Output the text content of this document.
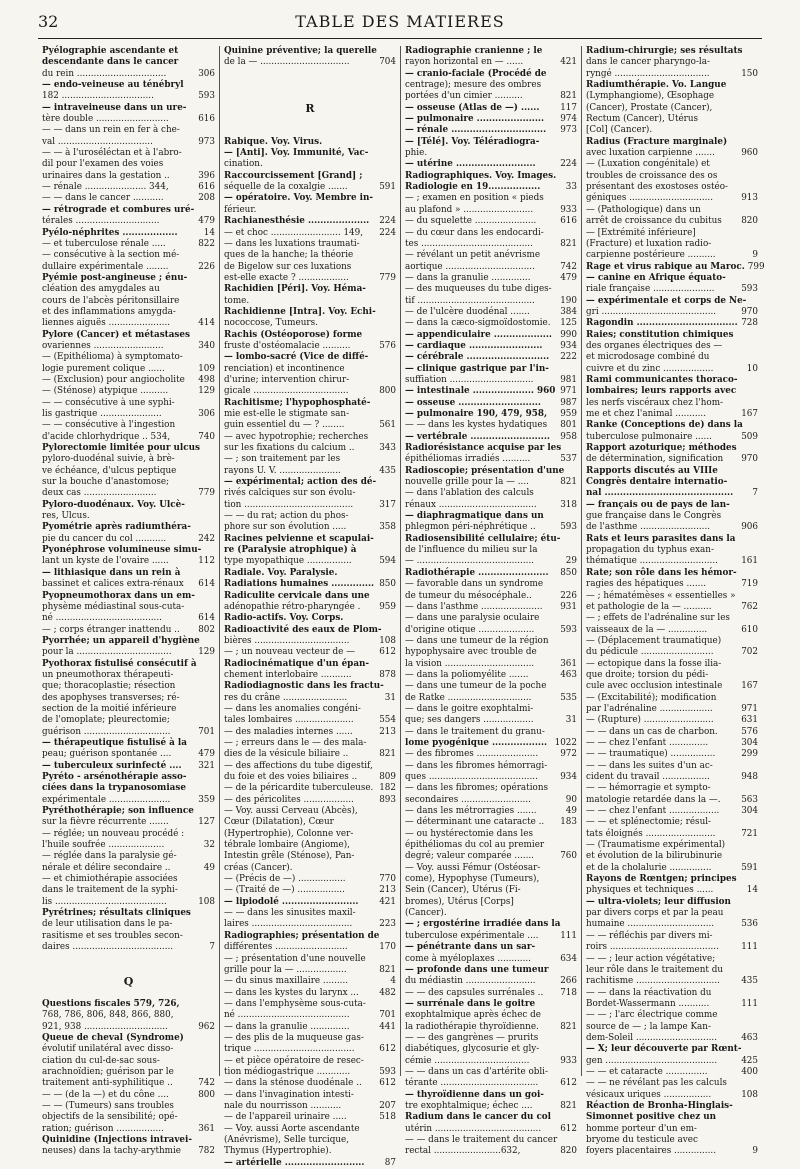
32	TABLE DES MATIERES
Pyélographie ascendante et
descendante dans le cancer
du rein ................................	306
— endo-veineuse au ténébryl
182 .................................	593
— intraveineuse dans un ure-
tère double ..........................	616
— — dans un rein en fer à che-
val ..................................	973
— — à l'uroséléctan et à l'abro-
dil pour l'examen des voies
urinaires dans la gestation ..	396
— rénale ...................... 344,	616
— — dans le cancer ...........	208
— rétrograde et combures uré-
térales ..............................	479
Pyélo-néphrites ..................	14
— et tuberculose rénale .....	822
— consécutive à la section mé-
dullaire expérimentale ........	226
Pyémie post-angineuse ; énu-
cléation des amygdales au
cours de l'abcès péritonsillaire
et des inflammations amygda-
liennes aiguës ......................	414
Pylore (Cancer) et métastases
ovariennes .........................	340
— (Epithélioma) à symptomato-
logie purement colique ......	109
— (Exclusion) pour angiocholite	498
— (Sténose) atypique ..........	129
— — consécutive à une syphi-
lis gastrique ......................	306
— — consécutive à l'ingestion
d'acide chlorhydrique .. 534,	740
Pylorectomie limitée pour ulcus
pyloro-duodénal suivie, à brè-
ve échéance, d'ulcus peptique
sur la bouche d'anastomose;
deux cas ..........................	779
Pyloro-duodénaux. Voy. Ulcè-
res, Ulcus.
Pyométrie après radiumthéra-
pie du cancer du col ...........	242
Pyonéphrose volumineuse simu-
lant un kyste de l'ovaire ......	112
— lithiasique dans un rein à
bassinet et calices extra-rénaux	614
Pyopneumothorax dans un em-
physème médiastinal sous-cuta-
né ......................................	614
— ; corps étranger inattendu ..	802
Pyorrhée; un appareil d'hygiène
pour la ..................................	129
Pyothorax fistulisé consécutif à
un pneumothorax thérapeuti-
que; thoracoplastie; résection
des apophyses transverses; ré-
section de la moitié inférieure
de l'omoplate; pleurectomie;
guérison ...............................	701
— thérapeutique fistulisé à la
peau; guérison spontanée ....	479
— tuberculeux surinfecté ....	321
Pyréto - arsénothérapie asso-
ciées dans la trypanosomiase
expérimentale ......................	359
Pyréthothérapie; son influence
sur la fièvre récurrente .......	127
— réglée; un nouveau procédé :
l'huile soufrée ....................	32
— réglée dans la paralysie gé-
nérale et délire secondaire ..	49
— et chimiothérapie associées
dans le traitement de la syphi-
lis ........................................	108
Pyrétrines; résultats cliniques
de leur utilisation dans le pa-
rasitisme et ses troubles secon-
daires ....................................	7
Q
Questions fiscales 579, 726,
768, 786, 806, 848, 866, 880,
921, 938 ..............................	962
Queue de cheval (Syndrome)
évolutif unilatéral avec disso-
ciation du cul-de-sac sous-
arachnoïdien; guérison par le
traitement anti-syphilitique ..	742
— — (de la —) et du cône ....	800
— — (Tumeurs) sans troubles
objectifs de la sensibilité; opé-
ration; guérison .................	361
Quinidine (Injections intravei-
neuses) dans la tachy-arythmie	782
Quinine préventive; la querelle
de la — ................................	704
R
Rabique. Voy. Virus.
— [Anti]. Voy. Immunité, Vac-
cination.
Raccourcissement [Grand] ;
séquelle de la coxalgie .......	591
— opératoire. Voy. Membre in-
férieur.
Rachianesthésie ....................	224
— et choc ......................... 149,	224
— dans les luxations traumati-
ques de la hanche; la théorie
de Bigelow sur ces luxations
est-elle exacte ? ..................	779
Rachidien [Péri]. Voy. Héma-
tome.
Rachidienne [Intra]. Voy. Echi-
nococcose, Tumeurs.
Rachis (Ostéoporose) forme
fruste d'ostéomalacie ..........	576
— lombo-sacré (Vice de diffé-
renciation) et incontinence
d'urine; intervention chirur-
gicale ..................................	800
Rachitisme; l'hypophosphaté-
mie est-elle le stigmate san-
guin essentiel du — ? ........	561
— avec hypotrophie; recherches
sur les fixations du calcium ..	343
— ; son traitement par les
rayons U. V. ......................	435
— expérimental; action des dé-
rivés calciques sur son évolu-
tion .......................................	317
— — du rat; action du phos-
phore sur son évolution .....	358
Racines pelvienne et scapulai-
re (Paralysie atrophique) à
type myopathique ................	594
Radiale. Voy. Paralysie.
Radiations humaines .............. 850
Radiculite cervicale dans une
adénopathie rétro-pharyngée .	959
Radio-actifs. Voy. Corps.
Radioactivité des eaux de Plom-
bières ..................................	108
— ; un nouveau vecteur de —	612
Radiocinématique d'un épan-
chement interlobaire ...........	878
Radiodiagnostic dans les fractu-
res du crâne .......................	31
— dans les anomalies congéni-
tales lombaires .....................	554
— des maladies internes ......	213
— ; erreurs dans le — des mala-
dies de la vésicule biliaire ..	821
— des affections du tube digestif,
du foie et des voies biliaires ..	809
— de la péricardite tuberculeuse. 182
— des péricolites ..................	893
— Voy. aussi Cerveau (Abcès),
Cœur (Dilatation), Cœur
(Hypertrophie), Colonne ver-
tébrale lombaire (Angiome),
Intestin grêle (Sténose), Pan-
créas (Cancer).
— (Précis de —) .................	770
— (Traité de —) .................	213
— lipiodolé .........................	421
— — dans les sinusites maxil-
laires ....................................	223
Radiographies; présentation de
différentes ..........................	170
— ; présentation d'une nouvelle
grille pour la — ..................	821
— du sinus maxillaire .........	4
— dans les kystes du larynx ...	482
— dans l'emphysème sous-cuta-
né ........................................	701
— dans la granulie ..............	441
— des plis de la muqueuse gas-
trique ....................................	612
— et pièce opératoire de resec-
tion médiogastrique ............	593
— dans la sténose duodénale ..	612
— dans l'invagination intesti-
nale du nourrisson ...........	207
— de l'appareil urinaire .....	518
— Voy. aussi Aorte ascendante
(Anévrisme), Selle turcique,
Thymus (Hypertrophie).
— artérielle ..........................	87
Radiographie cranienne ; le
rayon horizontal en — ......	421
— cranio-faciale (Procédé de
centrage); mesure des ombres
portées d'un cimier ..........	821
— osseuse (Atlas de —) ......	117
— pulmonaire ......................	974
— rénale ...............................	973
— [Télé]. Voy. Téléradiogra-
phie.
— utérine ..........................	224
Radiographiques. Voy. Images.
Radiologie en 19.................	33
— ; examen en position « pieds
au plafond » .........................	933
— du squelette ......................	616
— du cœur dans les endocardi-
tes ........................................	821
— révélant un petit anévrisme
aortique ................................	742
— dans la granulie ..............	479
— des muqueuses du tube diges-
tif ..........................................	190
— de l'ulcère duodénal .......	384
— dans la cæco-sigmoïdostomie.	125
— appendiculaire ................... 990
— cardiaque ........................	934
— cérébrale ...........................	222
— clinique gastrique par l'in-
suffiation ..............................	981
— intestinale .................... 960 971
— osseuse ...........................	987
— pulmonaire 190, 479, 958,	959
— — dans les kystes hydatiques	801
— vertébrale ..........................	958
Radiorésistance acquise par les
épithéliomas irradiés ..........	537
Radioscopie; présentation d'une
nouvelle grille pour la — ....	821
— dans l'ablation des calculs
rénaux ...................................	318
— diaphragmatique dans un
phlegmon péri-néphrétique ..	593
Radiosensibilité cellulaire; étu-
de l'influence du milieu sur la
— ..........................................	29
Radiothérapie .......................	850
— favorable dans un syndrome
de tumeur du mésocéphale..	226
— dans l'asthme ......................	931
— dans une paralysie oculaire
d'origine otique ....................	593
— dans une tumeur de la région
hypophysaire avec trouble de
la vision ................................	361
— dans la poliomyélite .......	463
— dans une tumeur de la poche
de Ratke ..............................	535
— dans le goitre exophtalmi-
que; ses dangers ..................	31
— dans le traitement du granu-
lome pyogénique .................. 1022
— des fibromes ......................	972
— dans les fibromes hémorragi-
ques .......................................	934
— dans les fibromes; opérations
secondaires .........................	90
— dans les métrorragies .......	49
— déterminant une cataracte ..	183
— ou hystérectomie dans les
épithéliomas du col au premier
degré; valeur comparée .......	760
— Voy. aussi Fémur (Ostéosar-
come), Hypophyse (Tumeurs),
Sein (Cancer), Utérus (Fi-
bromes), Utérus [Corps]
(Cancer).
— ; ergostérine irradiée dans la
tuberculose expérimentale ....	111
— pénétrante dans un sar-
come à myéloplaxes ............	634
— profonde dans une tumeur
du médiastin .........................	266
— — des capsules surrénales ..	718
— surrénale dans le goitre
exophtalmique après échec de
la radiothérapie thyroïdienne.	821
— — des gangrènes — prurits
diabétiques, glycosurie et gly-
cémie ..................................	933
— — dans un cas d'artérite obli-
térante ...................................	612
— thyroïdienne dans un goi-
tre exophtalmique; échec ....	821
Radium dans le cancer du col
utérin ......................................	612
— — dans le traitement du cancer
rectal ........................632,	820
Radium-chirurgie; ses résultats
dans le cancer pharyngo-la-
ryngé ..................................	150
Radiumthérapie. Vo. Langue
(Lymphangiome), Œsophage
(Cancer), Prostate (Cancer),
Rectum (Cancer), Utérus
[Col] (Cancer).
Radius (Fracture marginale)
avec luxation carpienne .......	960
— (Luxation congénitale) et
troubles de croissance des os
présentant des exostoses ostéo-
géniques ..............................	913
— (Pathologique) dans un
arrêt de croissance du cubitus	820
— [Extrémité inférieure]
(Fracture) et luxation radio-
carpienne postérieure ..........	9
Rage et virus rabique au Maroc. 799
— canine en Afrique équato-
riale française ......................	593
— expérimentale et corps de Ne-
gri .........................................	970
Ragondin ................................. 728
Raies; constitution chimiques
des organes électriques des —
et microdosage combiné du
cuivre et du zinc ..................	10
Rami communicantes thoraco-
lombaires; leurs rapports avec
les nerfs viscéraux chez l'hom-
me et chez l'animal ...........	167
Ranke (Conceptions de) dans la
tuberculose pulmonaire ......	509
Rapport azoturique; méthodes
de détermination, signification	970
Rapports discutés au VIIIe
Congrès dentaire internatio-
nal ..........................................	7
— français ou de pays de lan-
gue française dans le Congrès
de l'asthme .........................	906
Rats et leurs parasites dans la
propagation du typhus exan-
thématique ............................	161
Rate; son rôle dans les hémor-
ragies des hépatiques .......	719
— ; hématémèses « essentielles »
et pathologie de la — ..........	762
— ; effets de l'adrénaline sur les
vaisseaux de la — ..............	610
— (Déplacement traumatique)
du pédicule ..........................	702
— ectopique dans la fosse ilia-
que droite; torsion du pédi-
cule avec occlusion intestinale	167
— (Excitabilité); modification
par l'adrénaline ...................	971
— (Rupture) .........................	631
— — dans un cas de charbon.	576
— — chez l'enfant ..............	304
— — traumatique) ................	299
— — dans les suites d'un ac-
cident du travail .................	948
— — hémorragie et sympto-
matologie retardée dans la —.	563
— — chez l'enfant ..................	304
— — et splénectomie; résul-
tats éloignés .........................	721
— (Traumatisme expérimental)
et évolution de la bilirubinurie
et de la cholalurie ...............	591
Rayons de Rœntgen; principes
physiques et techniques ......	14
— ultra-violets; leur diffusion
par divers corps et par la peau
humaine ...............................	536
— — réfléchis par divers mi-
roirs .......................................	111
— — ; leur action végétative;
leur rôle dans le traitement du
rachitisme ..............................	435
— — dans la réactivation du
Bordet-Wassermann ...........	111
— — ; l'arc électrique comme
source de — ; la lampe Kan-
dem-Soleil .............................	463
— X; leur découverte par Rœnt-
gen ........................................	425
— — et cataracte ...............	400
— — ne révélant pas les calculs
vésicaux uriques .................	108
Réaction de Bronha-Hinglais-
Simonnet positive chez un
homme porteur d'un em-
bryome du testicule avec
foyers placentaires ...............	9
